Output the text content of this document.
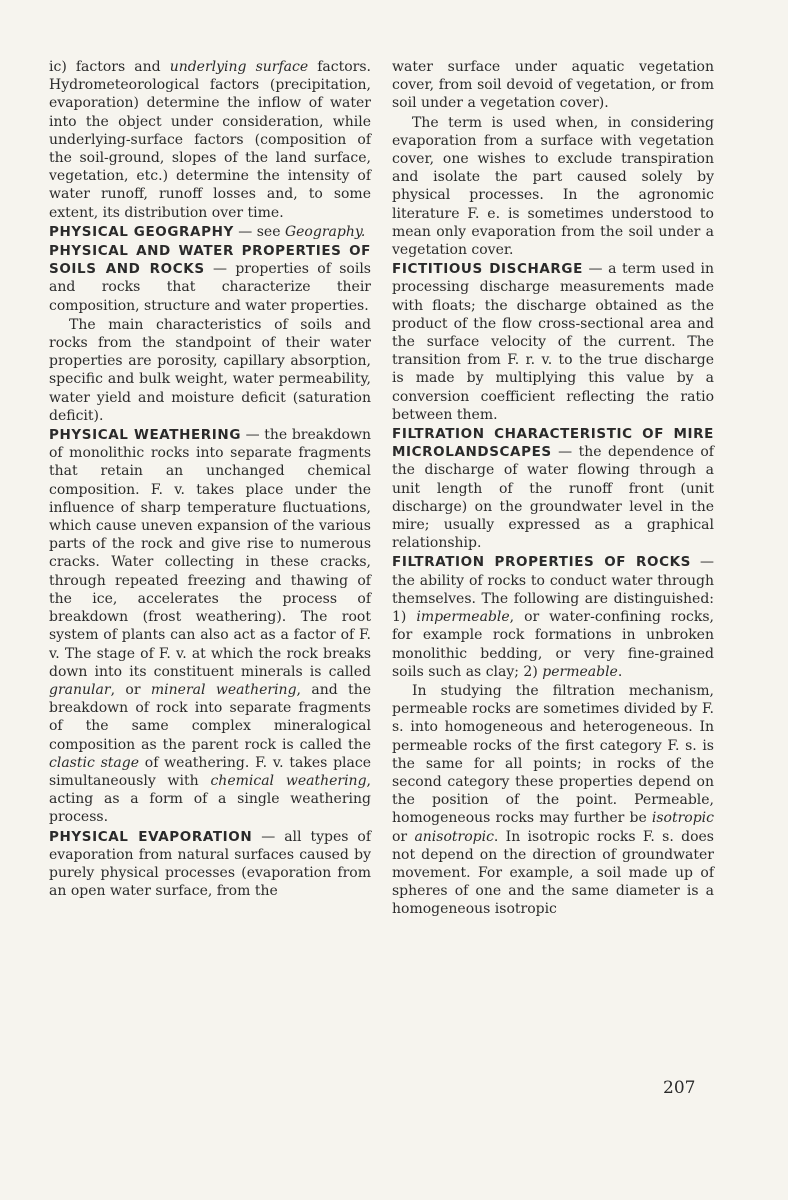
ic) factors and underlying surface factors. Hydrometeorological factors (precipitation, evaporation) determine the inflow of water into the object under consideration, while underlying-surface factors (composition of the soil-ground, slopes of the land surface, vegetation, etc.) determine the intensity of water runoff, runoff losses and, to some extent, its distribution over time.

PHYSICAL GEOGRAPHY — see Geography.

PHYSICAL AND WATER PROPERTIES OF SOILS AND ROCKS — properties of soils and rocks that characterize their composition, structure and water properties.

The main characteristics of soils and rocks from the standpoint of their water properties are porosity, capillary absorption, specific and bulk weight, water permeability, water yield and moisture deficit (saturation deficit).

PHYSICAL WEATHERING — the breakdown of monolithic rocks into separate fragments that retain an unchanged chemical composition. F. v. takes place under the influence of sharp temperature fluctuations, which cause uneven expansion of the various parts of the rock and give rise to numerous cracks. Water collecting in these cracks, through repeated freezing and thawing of the ice, accelerates the process of breakdown (frost weathering). The root system of plants can also act as a factor of F. v. The stage of F. v. at which the rock breaks down into its constituent minerals is called granular, or mineral weathering, and the breakdown of rock into separate fragments of the same complex mineralogical composition as the parent rock is called the clastic stage of weathering. F. v. takes place simultaneously with chemical weathering, acting as a form of a single weathering process.

PHYSICAL EVAPORATION — all types of evaporation from natural surfaces caused by purely physical processes (evaporation from an open water surface, from the

water surface under aquatic vegetation cover, from soil devoid of vegetation, or from soil under a vegetation cover).

The term is used when, in considering evaporation from a surface with vegetation cover, one wishes to exclude transpiration and isolate the part caused solely by physical processes. In the agronomic literature F. e. is sometimes understood to mean only evaporation from the soil under a vegetation cover.

FICTITIOUS DISCHARGE — a term used in processing discharge measurements made with floats; the discharge obtained as the product of the flow cross-sectional area and the surface velocity of the current. The transition from F. r. v. to the true discharge is made by multiplying this value by a conversion coefficient reflecting the ratio between them.

FILTRATION CHARACTERISTIC OF MIRE MICROLANDSCAPES — the dependence of the discharge of water flowing through a unit length of the runoff front (unit discharge) on the groundwater level in the mire; usually expressed as a graphical relationship.

FILTRATION PROPERTIES OF ROCKS — the ability of rocks to conduct water through themselves. The following are distinguished: 1) impermeable, or water-confining rocks, for example rock formations in unbroken monolithic bedding, or very fine-grained soils such as clay; 2) permeable.

In studying the filtration mechanism, permeable rocks are sometimes divided by F. s. into homogeneous and heterogeneous. In permeable rocks of the first category F. s. is the same for all points; in rocks of the second category these properties depend on the position of the point. Permeable, homogeneous rocks may further be isotropic or anisotropic. In isotropic rocks F. s. does not depend on the direction of groundwater movement. For example, a soil made up of spheres of one and the same diameter is a homogeneous isotropic

207
